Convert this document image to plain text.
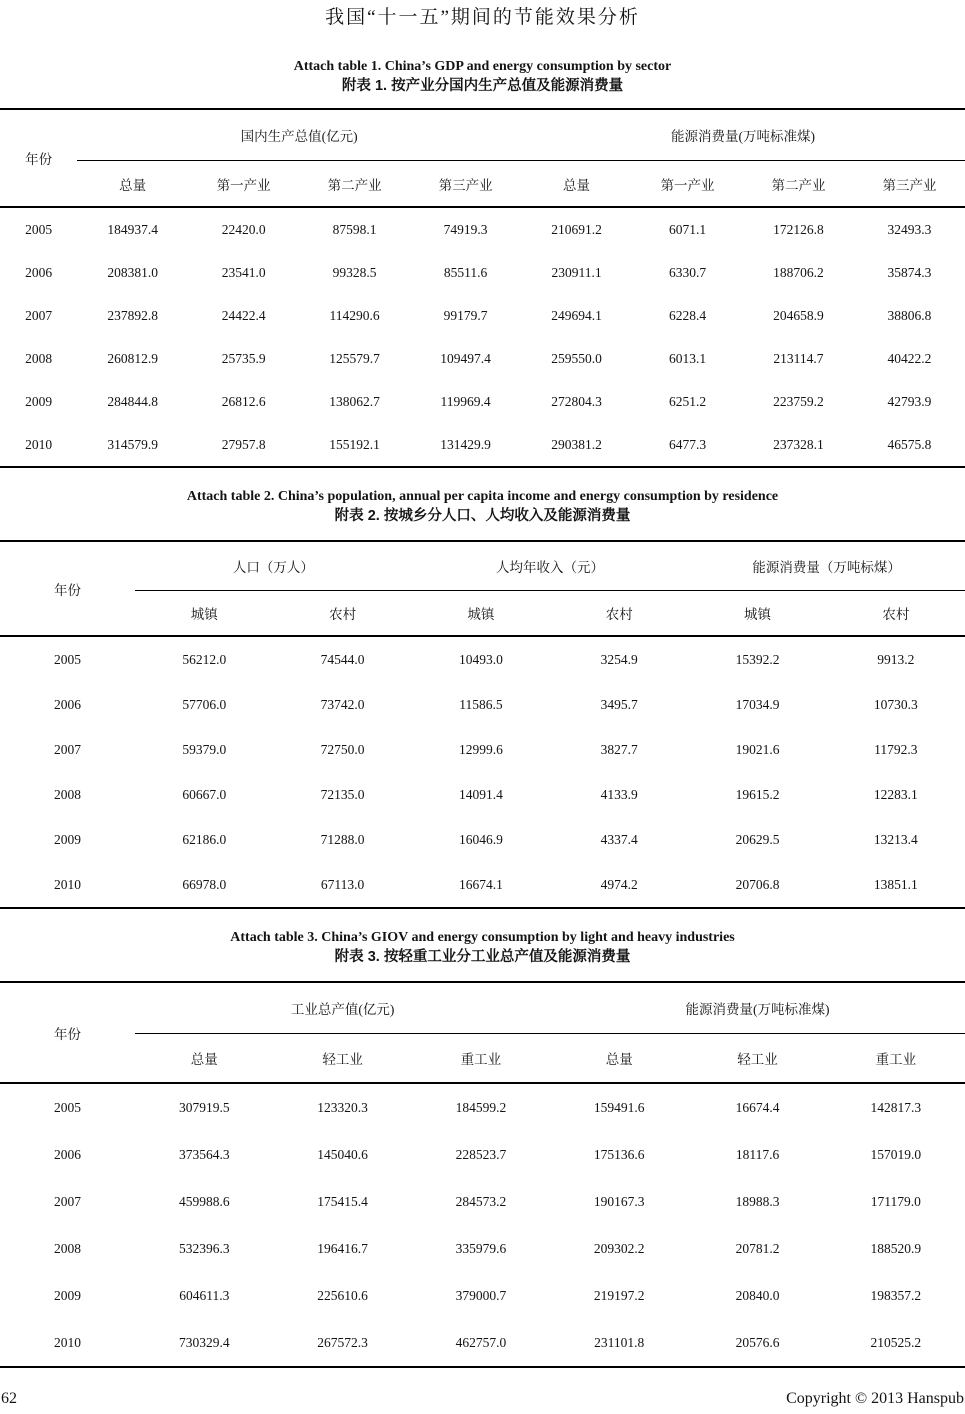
我国“十一五”期间的节能效果分析
Attach table 1. China’s GDP and energy consumption by sector
附表 1. 按产业分国内生产总值及能源消费量
年份	国内生产总值(亿元)				能源消费量(万吨标准煤)			
	总量	第一产业	第二产业	第三产业	总量	第一产业	第二产业	第三产业
2005	184937.4	22420.0	87598.1	74919.3	210691.2	6071.1	172126.8	32493.3
2006	208381.0	23541.0	99328.5	85511.6	230911.1	6330.7	188706.2	35874.3
2007	237892.8	24422.4	114290.6	99179.7	249694.1	6228.4	204658.9	38806.8
2008	260812.9	25735.9	125579.7	109497.4	259550.0	6013.1	213114.7	40422.2
2009	284844.8	26812.6	138062.7	119969.4	272804.3	6251.2	223759.2	42793.9
2010	314579.9	27957.8	155192.1	131429.9	290381.2	6477.3	237328.1	46575.8
Attach table 2. China’s population, annual per capita income and energy consumption by residence
附表 2. 按城乡分人口、人均收入及能源消费量
年份	人口（万人）		人均年收入（元）		能源消费量（万吨标煤）	
	城镇	农村	城镇	农村	城镇	农村
2005	56212.0	74544.0	10493.0	3254.9	15392.2	9913.2
2006	57706.0	73742.0	11586.5	3495.7	17034.9	10730.3
2007	59379.0	72750.0	12999.6	3827.7	19021.6	11792.3
2008	60667.0	72135.0	14091.4	4133.9	19615.2	12283.1
2009	62186.0	71288.0	16046.9	4337.4	20629.5	13213.4
2010	66978.0	67113.0	16674.1	4974.2	20706.8	13851.1
Attach table 3. China’s GIOV and energy consumption by light and heavy industries
附表 3. 按轻重工业分工业总产值及能源消费量
年份	工业总产值(亿元)			能源消费量(万吨标准煤)		
	总量	轻工业	重工业	总量	轻工业	重工业
2005	307919.5	123320.3	184599.2	159491.6	16674.4	142817.3
2006	373564.3	145040.6	228523.7	175136.6	18117.6	157019.0
2007	459988.6	175415.4	284573.2	190167.3	18988.3	171179.0
2008	532396.3	196416.7	335979.6	209302.2	20781.2	188520.9
2009	604611.3	225610.6	379000.7	219197.2	20840.0	198357.2
2010	730329.4	267572.3	462757.0	231101.8	20576.6	210525.2
62	Copyright © 2013 Hanspub
